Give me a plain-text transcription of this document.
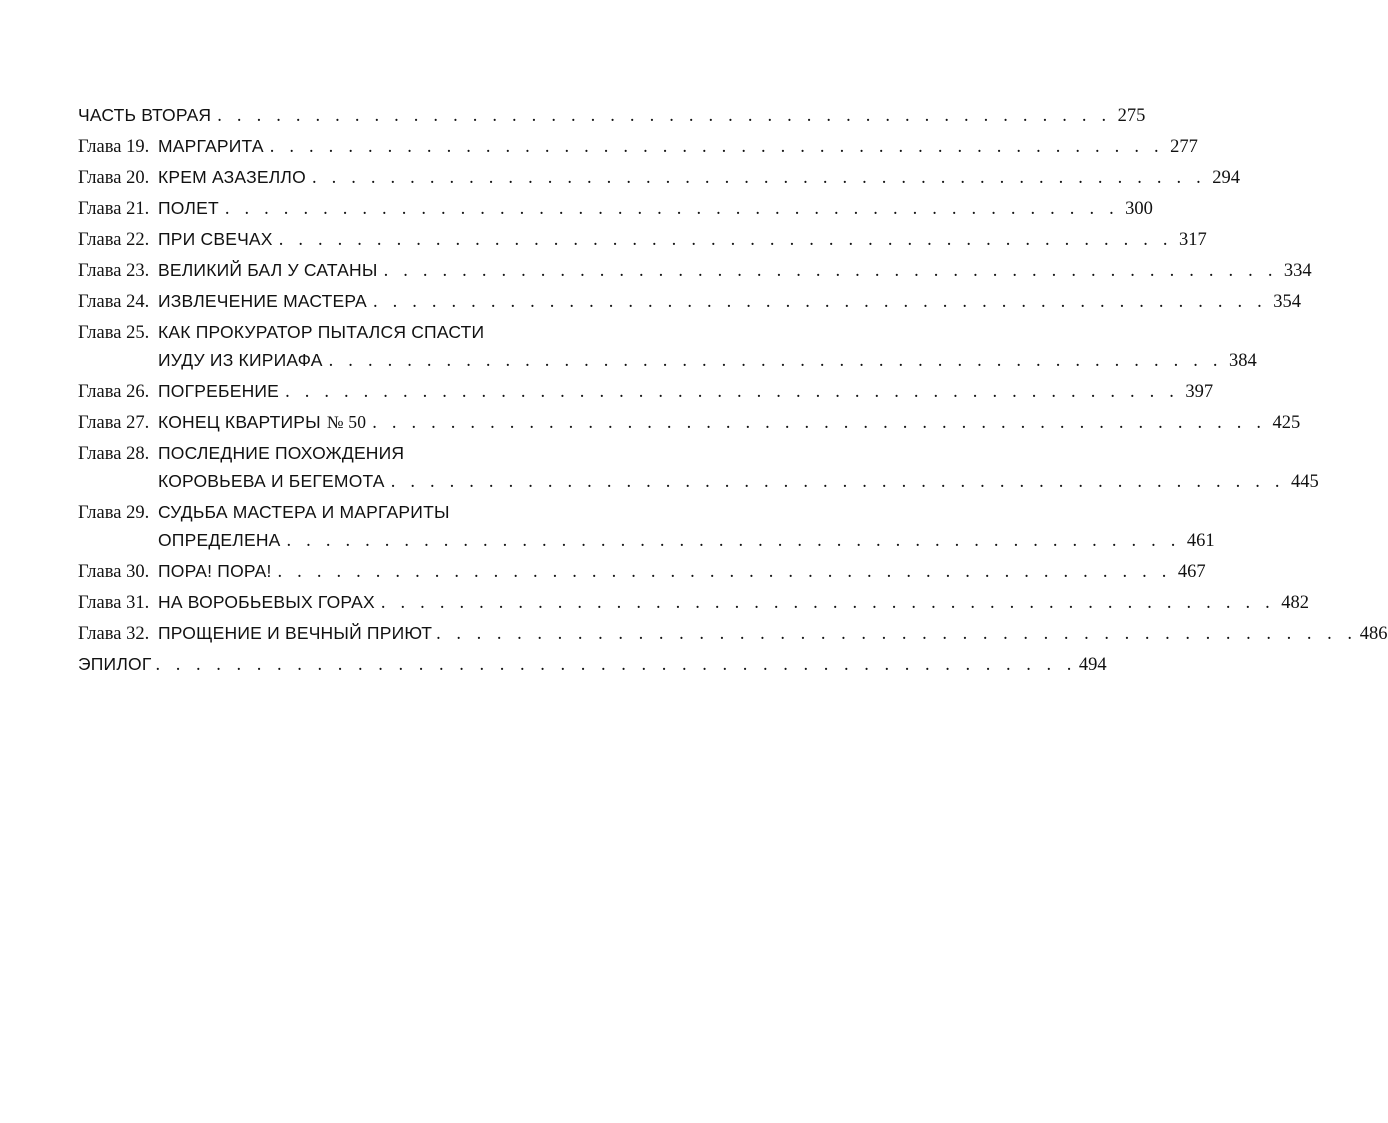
ЧАСТЬ ВТОРАЯ . . . . . . . . . . . . . . . . . . . . . . . . . . . . . . . . . . . . . . . . . . . . . . 275
Глава 19. МАРГАРИТА . . . . . . . . . . . . . . . . . . . . . . . . . . . . . . . . . . . . . . . . . . . . . . 277
Глава 20. КРЕМ АЗАЗЕЛЛО . . . . . . . . . . . . . . . . . . . . . . . . . . . . . . . . . . . . . . . . . . . . . . 294
Глава 21. ПОЛЕТ . . . . . . . . . . . . . . . . . . . . . . . . . . . . . . . . . . . . . . . . . . . . . . 300
Глава 22. ПРИ СВЕЧАХ . . . . . . . . . . . . . . . . . . . . . . . . . . . . . . . . . . . . . . . . . . . . . . 317
Глава 23. ВЕЛИКИЙ БАЛ У САТАНЫ . . . . . . . . . . . . . . . . . . . . . . . . . . . . . . . . . . . . . . . . . . . . . . 334
Глава 24. ИЗВЛЕЧЕНИЕ МАСТЕРА . . . . . . . . . . . . . . . . . . . . . . . . . . . . . . . . . . . . . . . . . . . . . . 354
Глава 25. КАК ПРОКУРАТОР ПЫТАЛСЯ СПАСТИ
ИУДУ ИЗ КИРИАФА . . . . . . . . . . . . . . . . . . . . . . . . . . . . . . . . . . . . . . . . . . . . . . 384
Глава 26. ПОГРЕБЕНИЕ . . . . . . . . . . . . . . . . . . . . . . . . . . . . . . . . . . . . . . . . . . . . . . 397
Глава 27. КОНЕЦ КВАРТИРЫ № 50 . . . . . . . . . . . . . . . . . . . . . . . . . . . . . . . . . . . . . . . . . . . . . . 425
Глава 28. ПОСЛЕДНИЕ ПОХОЖДЕНИЯ
КОРОВЬЕВА И БЕГЕМОТА . . . . . . . . . . . . . . . . . . . . . . . . . . . . . . . . . . . . . . . . . . . . . . 445
Глава 29. СУДЬБА МАСТЕРА И МАРГАРИТЫ
ОПРЕДЕЛЕНА . . . . . . . . . . . . . . . . . . . . . . . . . . . . . . . . . . . . . . . . . . . . . . 461
Глава 30. ПОРА! ПОРА! . . . . . . . . . . . . . . . . . . . . . . . . . . . . . . . . . . . . . . . . . . . . . . 467
Глава 31. НА ВОРОБЬЕВЫХ ГОРАХ . . . . . . . . . . . . . . . . . . . . . . . . . . . . . . . . . . . . . . . . . . . . . . 482
Глава 32. ПРОЩЕНИЕ И ВЕЧНЫЙ ПРИЮТ . . . . . . . . . . . . . . . . . . . . . . . . . . . . . . . . . . . . . . . . . . . . . . 486
ЭПИЛОГ . . . . . . . . . . . . . . . . . . . . . . . . . . . . . . . . . . . . . . . . . . . . . . 494
